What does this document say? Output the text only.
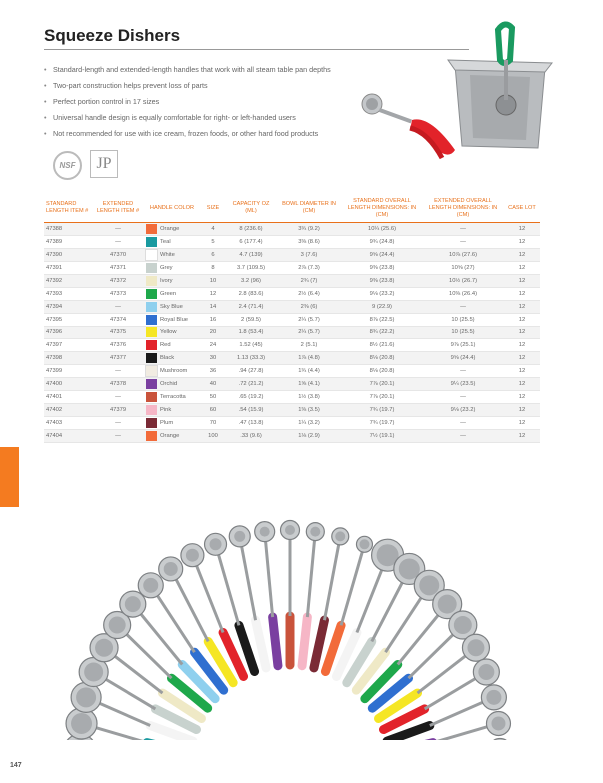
Squeeze Dishers
• Standard-length and extended-length handles that work with all steam table pan depths
• Two-part construction helps prevent loss of parts
• Perfect portion control in 17 sizes
• Universal handle design is equally comfortable for right- or left-handed users
• Not recommended for use with ice cream, frozen foods, or other hard food products
NSF	JP
STANDARD LENGTH ITEM #	EXTENDED LENGTH ITEM #	HANDLE COLOR		SIZE	CAPACITY OZ (ML)	BOWL DIAMETER IN (CM)	STANDARD OVERALL LENGTH DIMENSIONS: IN (CM)	EXTENDED OVERALL LENGTH DIMENSIONS: IN (CM)	CASE LOT
47388	—		Orange	4	8 (236.6)	3¾ (9.2)	10¼ (25.6)	—	12
47389	—		Teal	5	6 (177.4)	3⅜ (8.6)	9¾ (24.8)	—	12
47390	47370		White	6	4.7 (139)	3 (7.6)	9⅝ (24.4)	10⅞ (27.6)	12
47391	47371		Grey	8	3.7 (109.5)	2⅞ (7.3)	9⅜ (23.8)	10⅝ (27)	12
47392	47372		Ivory	10	3.2 (96)	2¾ (7)	9⅜ (23.8)	10½ (26.7)	12
47393	47373		Green	12	2.8 (83.6)	2½ (6.4)	9⅛ (23.2)	10⅜ (26.4)	12
47394	—		Sky Blue	14	2.4 (71.4)	2⅜ (6)	9 (22.9)	—	12
47395	47374		Royal Blue	16	2 (59.5)	2¼ (5.7)	8⅞ (22.5)	10 (25.5)	12
47396	47375		Yellow	20	1.8 (53.4)	2¼ (5.7)	8¾ (22.2)	10 (25.5)	12
47397	47376		Red	24	1.52 (45)	2 (5.1)	8½ (21.6)	9⅞ (25.1)	12
47398	47377		Black	30	1.13 (33.3)	1⅞ (4.8)	8⅛ (20.8)	9⅝ (24.4)	12
47399	—		Mushroom	36	.94 (27.8)	1¾ (4.4)	8⅛ (20.8)	—	12
47400	47378		Orchid	40	.72 (21.2)	1⅝ (4.1)	7⅞ (20.1)	9¼ (23.5)	12
47401	—		Terracotta	50	.65 (19.2)	1½ (3.8)	7⅞ (20.1)	—	12
47402	47379		Pink	60	.54 (15.9)	1⅜ (3.5)	7¾ (19.7)	9⅛ (23.2)	12
47403	—		Plum	70	.47 (13.8)	1¼ (3.2)	7¾ (19.7)	—	12
47404	—		Orange	100	.33 (9.6)	1⅛ (2.9)	7½ (19.1)	—	12
147
